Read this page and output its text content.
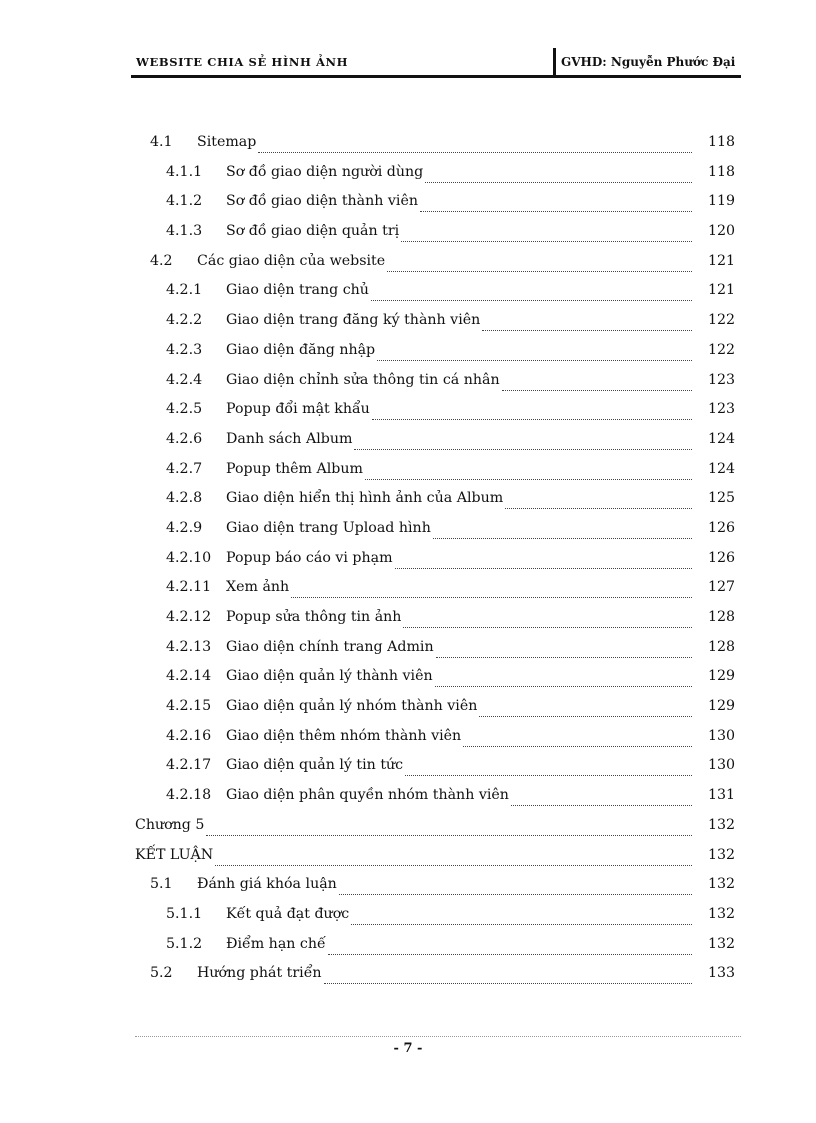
WEBSITE CHIA SẺ HÌNH ẢNH	GVHD: Nguyễn Phước Đại
4.1 Sitemap	118
4.1.1 Sơ đồ giao diện người dùng	118
4.1.2 Sơ đồ giao diện thành viên	119
4.1.3 Sơ đồ giao diện quản trị	120
4.2 Các giao diện của website	121
4.2.1 Giao diện trang chủ	121
4.2.2 Giao diện trang đăng ký thành viên	122
4.2.3 Giao diện đăng nhập	122
4.2.4 Giao diện chỉnh sửa thông tin cá nhân	123
4.2.5 Popup đổi mật khẩu	123
4.2.6 Danh sách Album	124
4.2.7 Popup thêm Album	124
4.2.8 Giao diện hiển thị hình ảnh của Album	125
4.2.9 Giao diện trang Upload hình	126
4.2.10 Popup báo cáo vi phạm	126
4.2.11 Xem ảnh	127
4.2.12 Popup sửa thông tin ảnh	128
4.2.13 Giao diện chính trang Admin	128
4.2.14 Giao diện quản lý thành viên	129
4.2.15 Giao diện quản lý nhóm thành viên	129
4.2.16 Giao diện thêm nhóm thành viên	130
4.2.17 Giao diện quản lý tin tức	130
4.2.18 Giao diện phân quyền nhóm thành viên	131
Chương 5	132
KẾT LUẬN	132
5.1 Đánh giá khóa luận	132
5.1.1 Kết quả đạt được	132
5.1.2 Điểm hạn chế	132
5.2 Hướng phát triển	133
- 7 -
